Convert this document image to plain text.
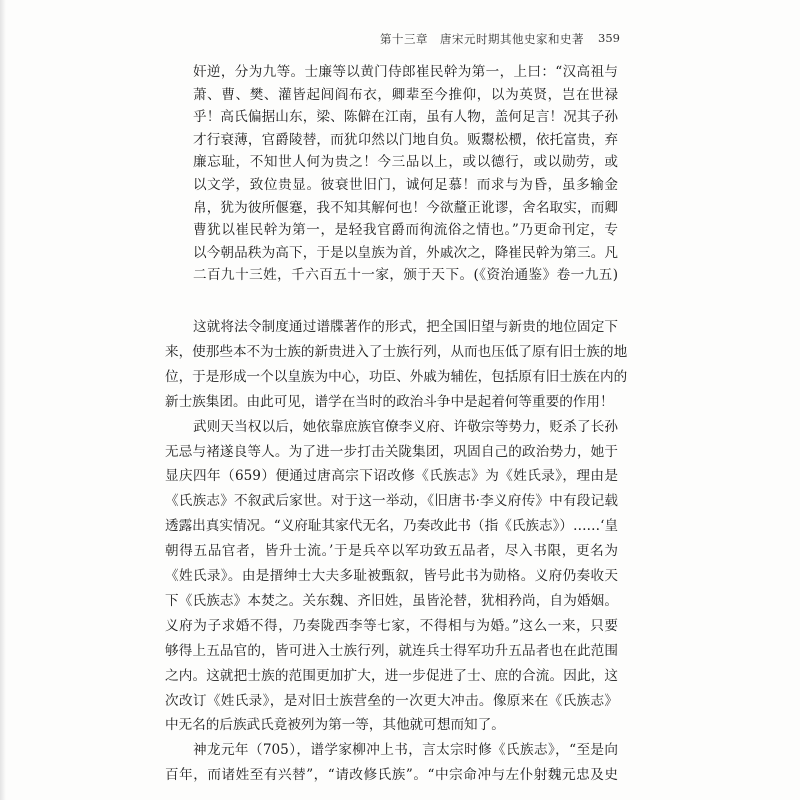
第十三章　唐宋元时期其他史家和史著 359
奸逆，分为九等。士廉等以黄门侍郎崔民幹为第一，上曰：“汉高祖与
萧、曹、樊、灌皆起闾阎布衣，卿辈至今推仰，以为英贤，岂在世禄
乎！高氏偏据山东，梁、陈僻在江南，虽有人物，盖何足言！况其子孙
才行衰薄，官爵陵替，而犹卬然以门地自负。贩鬻松槚，依托富贵，弃
廉忘耻，不知世人何为贵之！今三品以上，或以德行，或以勋劳，或
以文学，致位贵显。彼衰世旧门，诚何足慕！而求与为昏，虽多输金
帛，犹为彼所偃蹇，我不知其解何也！今欲釐正讹谬，舍名取实，而卿
曹犹以崔民幹为第一，是轻我官爵而徇流俗之情也。”乃更命刊定，专
以今朝品秩为高下，于是以皇族为首，外戚次之，降崔民幹为第三。凡
二百九十三姓，千六百五十一家，颁于天下。(《资治通鉴》卷一九五)
这就将法令制度通过谱牒著作的形式，把全国旧望与新贵的地位固定下
来，使那些本不为士族的新贵进入了士族行列，从而也压低了原有旧士族的地
位，于是形成一个以皇族为中心，功臣、外戚为辅佐，包括原有旧士族在内的
新士族集团。由此可见，谱学在当时的政治斗争中是起着何等重要的作用！
武则天当权以后，她依靠庶族官僚李义府、许敬宗等势力，贬杀了长孙
无忌与褚遂良等人。为了进一步打击关陇集团，巩固自己的政治势力，她于
显庆四年（659）便通过唐高宗下诏改修《氏族志》为《姓氏录》，理由是
《氏族志》不叙武后家世。对于这一举动，《旧唐书·李义府传》中有段记载
透露出真实情况。“义府耻其家代无名，乃奏改此书（指《氏族志》）……‘皇
朝得五品官者，皆升士流。’于是兵卒以军功致五品者，尽入书限，更名为
《姓氏录》。由是搢绅士大夫多耻被甄叙，皆号此书为勋格。义府仍奏收天
下《氏族志》本焚之。关东魏、齐旧姓，虽皆沦替，犹相矜尚，自为婚姻。
义府为子求婚不得，乃奏陇西李等七家，不得相与为婚。”这么一来，只要
够得上五品官的，皆可进入士族行列，就连兵士得军功升五品者也在此范围
之内。这就把士族的范围更加扩大，进一步促进了士、庶的合流。因此，这
次改订《姓氏录》，是对旧士族营垒的一次更大冲击。像原来在《氏族志》
中无名的后族武氏竟被列为第一等，其他就可想而知了。
神龙元年（705），谱学家柳冲上书，言太宗时修《氏族志》，“至是向
百年，而诸姓至有兴替”，“请改修氏族”。“中宗命冲与左仆射魏元忠及史
